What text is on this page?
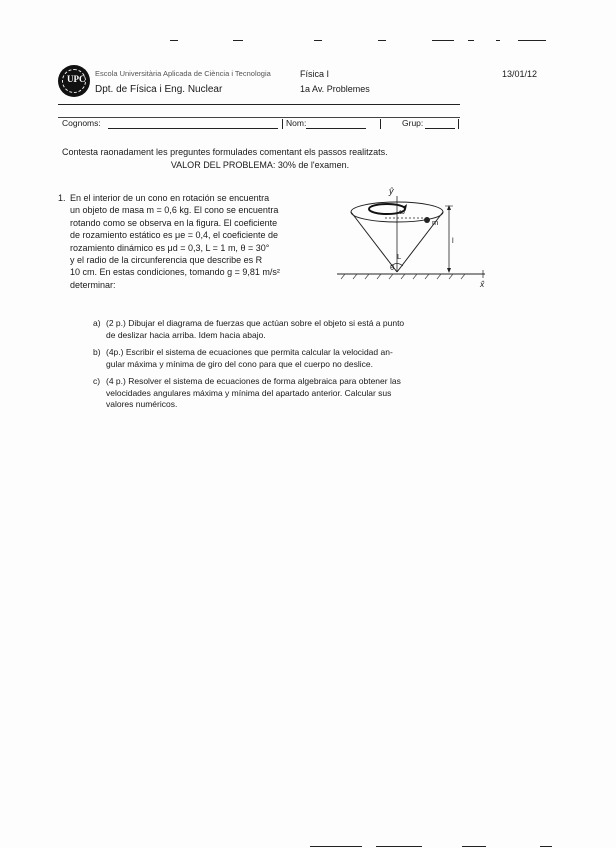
UPC
Escola Universitària Aplicada de Ciència i Tecnologia
Dpt. de Física i Eng. Nuclear
Física I
1a Av. Problemes
13/01/12
Cognoms:	Nom:	Grup:
Contesta raonadament les preguntes formulades comentant els passos realitzats.
VALOR DEL PROBLEMA: 30% de l'examen.
1. En el interior de un cono en rotación se encuentra
un objeto de masa m = 0,6 kg. El cono se encuentra
rotando como se observa en la figura. El coeficiente
de rozamiento estático es μe = 0,4, el coeficiente de
rozamiento dinámico es μd = 0,3, L = 1 m, θ = 30°
y el radio de la circunferencia que describe es R
10 cm. En estas condiciones, tomando g = 9,81 m/s²
determinar:
ŷ
ω
m
l
L
θ
x̂
a) (2 p.) Dibujar el diagrama de fuerzas que actúan sobre el objeto si está a punto
de deslizar hacia arriba. Idem hacia abajo.
b) (4p.) Escribir el sistema de ecuaciones que permita calcular la velocidad an-
gular máxima y mínima de giro del cono para que el cuerpo no deslice.
c) (4 p.) Resolver el sistema de ecuaciones de forma algebraica para obtener las
velocidades angulares máxima y mínima del apartado anterior. Calcular sus
valores numéricos.
